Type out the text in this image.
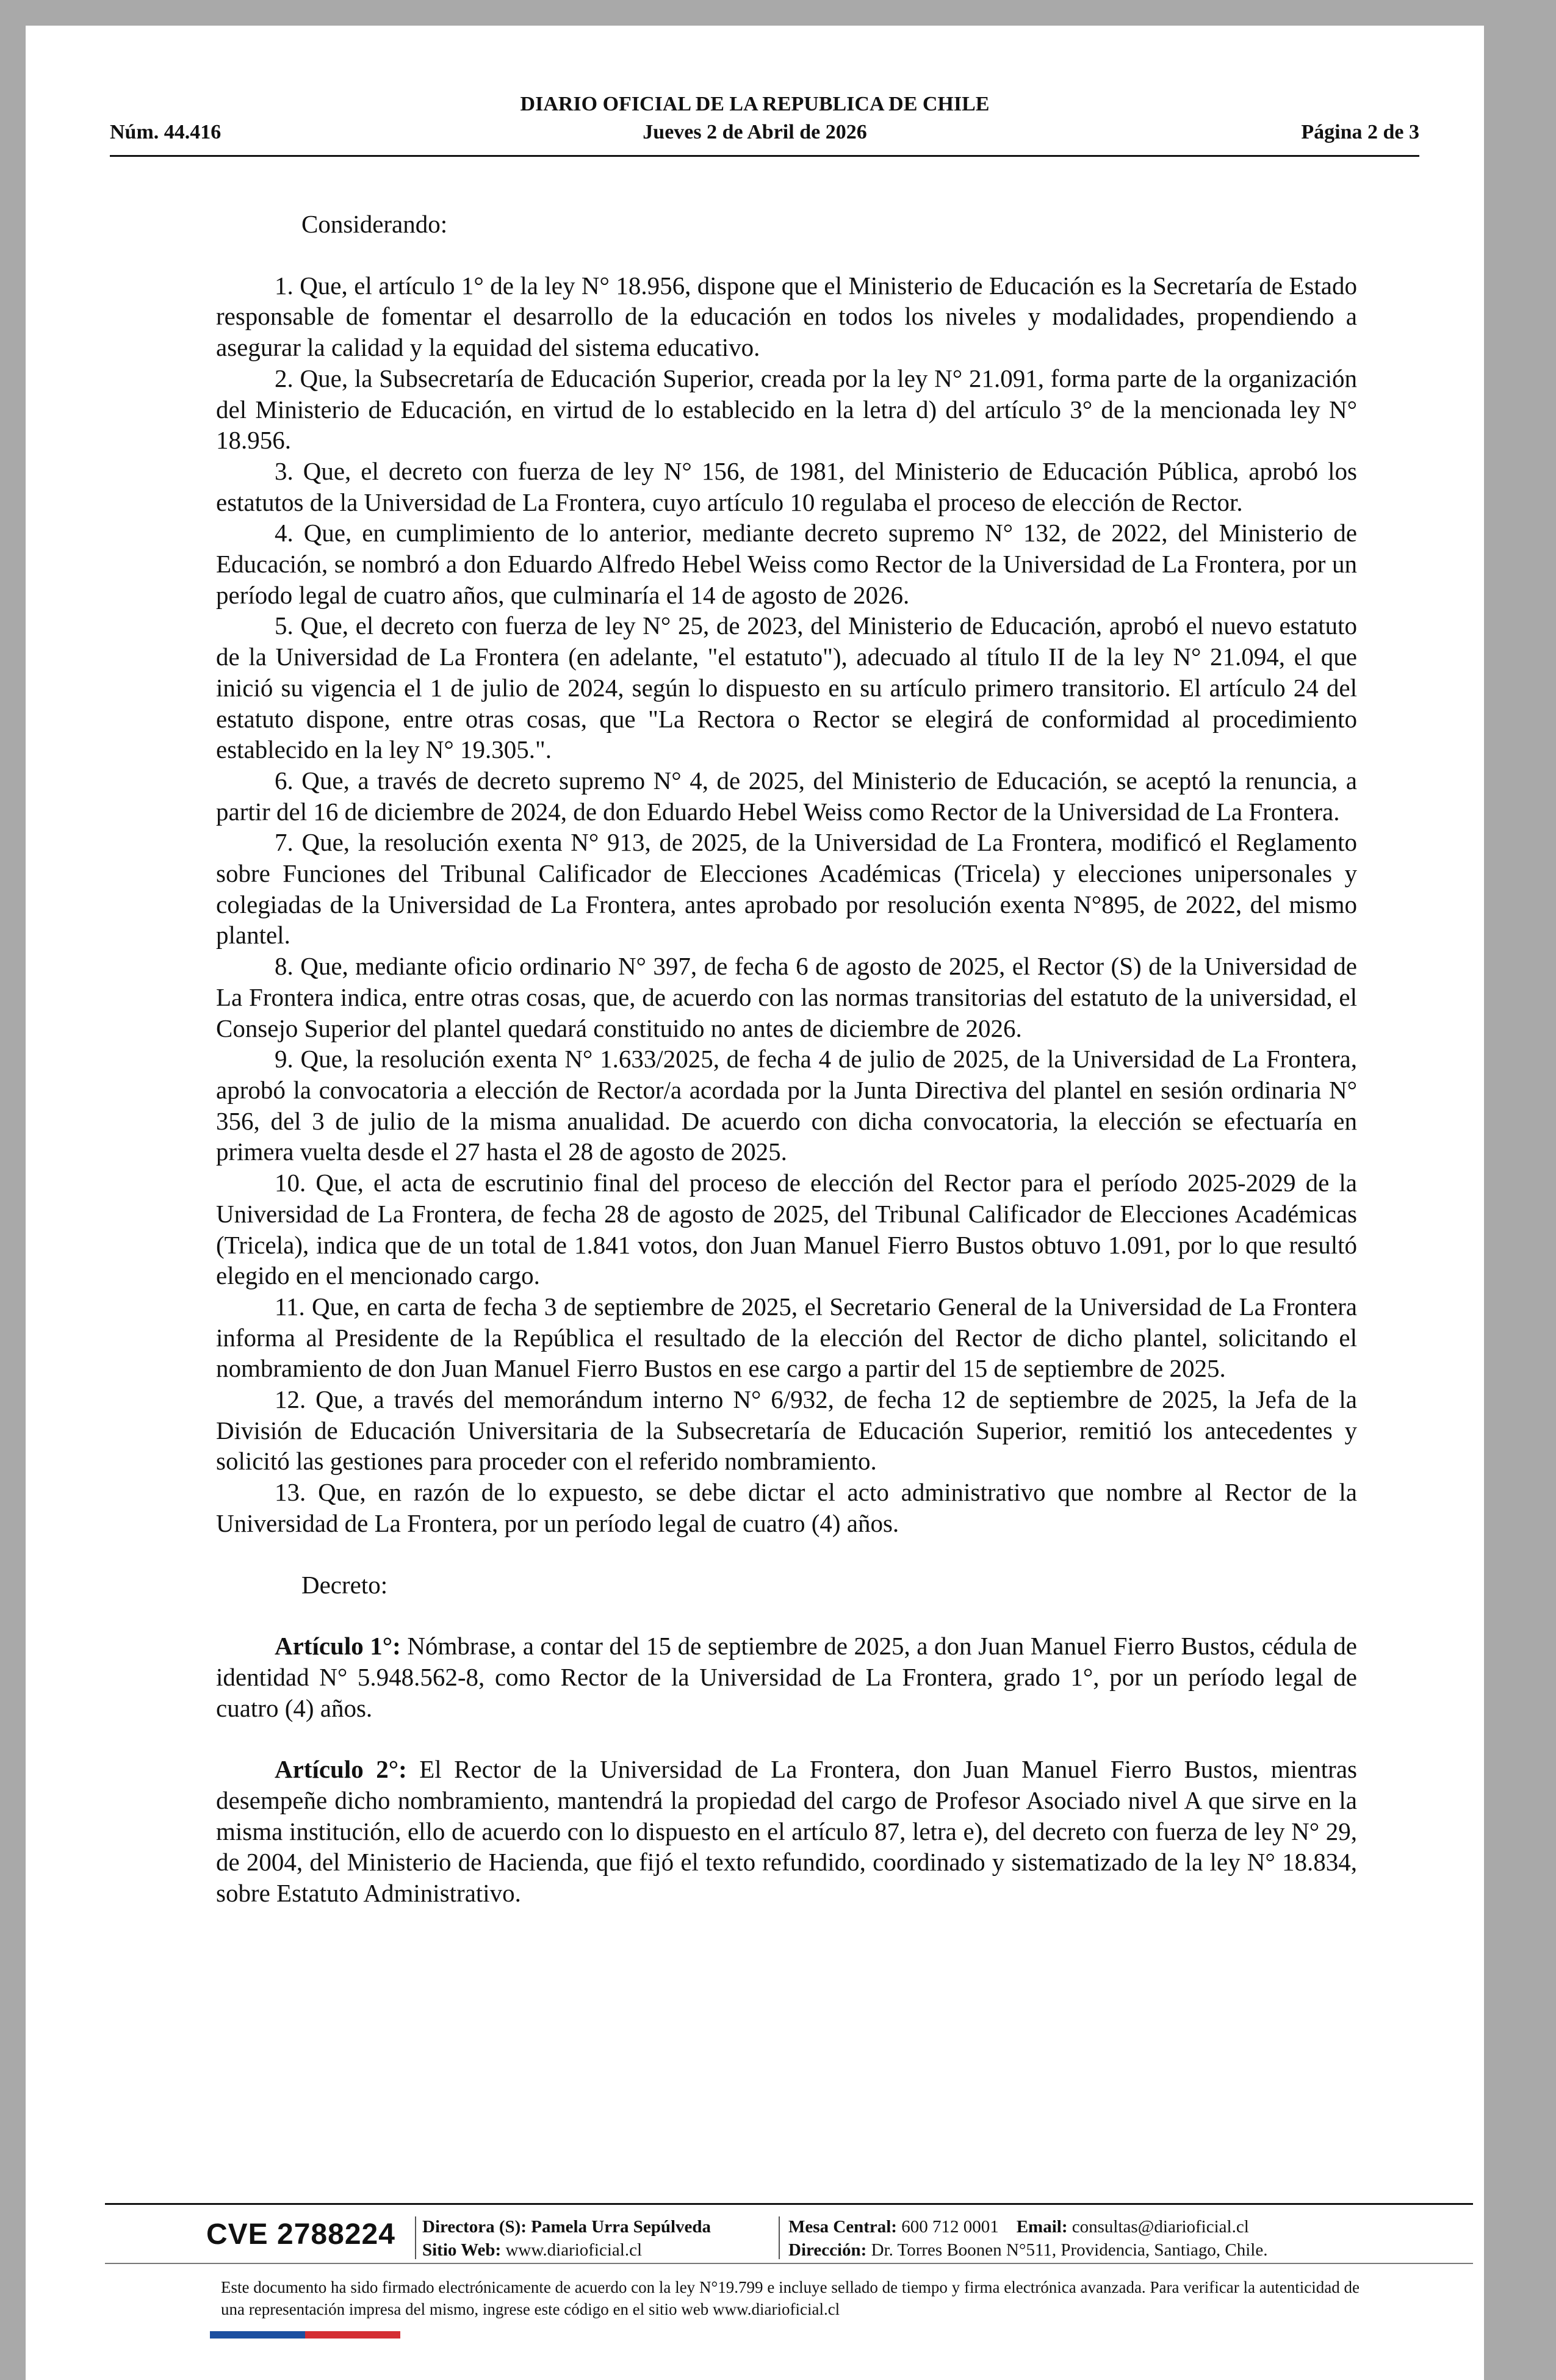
DIARIO OFICIAL DE LA REPUBLICA DE CHILE
Núm. 44.416	Jueves 2 de Abril de 2026	Página 2 de 3

Considerando:

1. Que, el artículo 1° de la ley N° 18.956, dispone que el Ministerio de Educación es la Secretaría de Estado responsable de fomentar el desarrollo de la educación en todos los niveles y modalidades, propendiendo a asegurar la calidad y la equidad del sistema educativo.

2. Que, la Subsecretaría de Educación Superior, creada por la ley N° 21.091, forma parte de la organización del Ministerio de Educación, en virtud de lo establecido en la letra d) del artículo 3° de la mencionada ley N° 18.956.

3. Que, el decreto con fuerza de ley N° 156, de 1981, del Ministerio de Educación Pública, aprobó los estatutos de la Universidad de La Frontera, cuyo artículo 10 regulaba el proceso de elección de Rector.

4. Que, en cumplimiento de lo anterior, mediante decreto supremo N° 132, de 2022, del Ministerio de Educación, se nombró a don Eduardo Alfredo Hebel Weiss como Rector de la Universidad de La Frontera, por un período legal de cuatro años, que culminaría el 14 de agosto de 2026.

5. Que, el decreto con fuerza de ley N° 25, de 2023, del Ministerio de Educación, aprobó el nuevo estatuto de la Universidad de La Frontera (en adelante, "el estatuto"), adecuado al título II de la ley N° 21.094, el que inició su vigencia el 1 de julio de 2024, según lo dispuesto en su artículo primero transitorio. El artículo 24 del estatuto dispone, entre otras cosas, que "La Rectora o Rector se elegirá de conformidad al procedimiento establecido en la ley N° 19.305.".

6. Que, a través de decreto supremo N° 4, de 2025, del Ministerio de Educación, se aceptó la renuncia, a partir del 16 de diciembre de 2024, de don Eduardo Hebel Weiss como Rector de la Universidad de La Frontera.

7. Que, la resolución exenta N° 913, de 2025, de la Universidad de La Frontera, modificó el Reglamento sobre Funciones del Tribunal Calificador de Elecciones Académicas (Tricela) y elecciones unipersonales y colegiadas de la Universidad de La Frontera, antes aprobado por resolución exenta N°895, de 2022, del mismo plantel.

8. Que, mediante oficio ordinario N° 397, de fecha 6 de agosto de 2025, el Rector (S) de la Universidad de La Frontera indica, entre otras cosas, que, de acuerdo con las normas transitorias del estatuto de la universidad, el Consejo Superior del plantel quedará constituido no antes de diciembre de 2026.

9. Que, la resolución exenta N° 1.633/2025, de fecha 4 de julio de 2025, de la Universidad de La Frontera, aprobó la convocatoria a elección de Rector/a acordada por la Junta Directiva del plantel en sesión ordinaria N° 356, del 3 de julio de la misma anualidad. De acuerdo con dicha convocatoria, la elección se efectuaría en primera vuelta desde el 27 hasta el 28 de agosto de 2025.

10. Que, el acta de escrutinio final del proceso de elección del Rector para el período 2025-2029 de la Universidad de La Frontera, de fecha 28 de agosto de 2025, del Tribunal Calificador de Elecciones Académicas (Tricela), indica que de un total de 1.841 votos, don Juan Manuel Fierro Bustos obtuvo 1.091, por lo que resultó elegido en el mencionado cargo.

11. Que, en carta de fecha 3 de septiembre de 2025, el Secretario General de la Universidad de La Frontera informa al Presidente de la República el resultado de la elección del Rector de dicho plantel, solicitando el nombramiento de don Juan Manuel Fierro Bustos en ese cargo a partir del 15 de septiembre de 2025.

12. Que, a través del memorándum interno N° 6/932, de fecha 12 de septiembre de 2025, la Jefa de la División de Educación Universitaria de la Subsecretaría de Educación Superior, remitió los antecedentes y solicitó las gestiones para proceder con el referido nombramiento.

13. Que, en razón de lo expuesto, se debe dictar el acto administrativo que nombre al Rector de la Universidad de La Frontera, por un período legal de cuatro (4) años.

Decreto:

Artículo 1°: Nómbrase, a contar del 15 de septiembre de 2025, a don Juan Manuel Fierro Bustos, cédula de identidad N° 5.948.562-8, como Rector de la Universidad de La Frontera, grado 1°, por un período legal de cuatro (4) años.

Artículo 2°: El Rector de la Universidad de La Frontera, don Juan Manuel Fierro Bustos, mientras desempeñe dicho nombramiento, mantendrá la propiedad del cargo de Profesor Asociado nivel A que sirve en la misma institución, ello de acuerdo con lo dispuesto en el artículo 87, letra e), del decreto con fuerza de ley N° 29, de 2004, del Ministerio de Hacienda, que fijó el texto refundido, coordinado y sistematizado de la ley N° 18.834, sobre Estatuto Administrativo.

CVE 2788224 Directora (S): Pamela Urra Sepúlveda
Sitio Web: www.diarioficial.cl
Mesa Central: 600 712 0001 Email: consultas@diarioficial.cl
Dirección: Dr. Torres Boonen N°511, Providencia, Santiago, Chile.
Este documento ha sido firmado electrónicamente de acuerdo con la ley N°19.799 e incluye sellado de tiempo y firma electrónica avanzada. Para verificar la autenticidad de una representación impresa del mismo, ingrese este código en el sitio web www.diarioficial.cl
